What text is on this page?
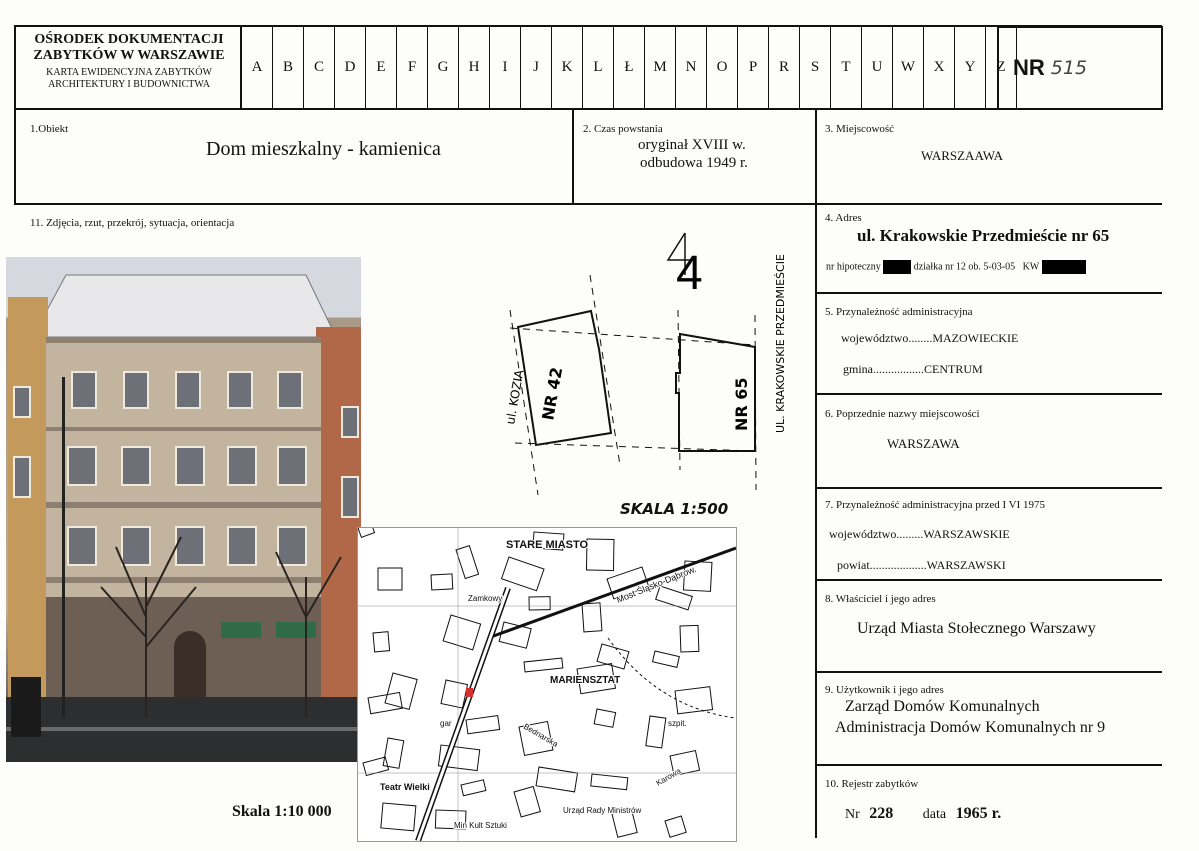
OŚRODEK DOKUMENTACJI
ZABYTKÓW W WARSZAWIE
KARTA EWIDENCYJNA ZABYTKÓW
ARCHITEKTURY I BUDOWNICTWA
A	B	C	D	E	F	G	H	I	J	K	L	Ł	M	N	O	P	R	S	T	U	W	X	Y	Z NR 515
1.Obiekt
Dom mieszkalny - kamienica
2. Czas powstania
oryginał XVIII w.
odbudowa 1949 r.
3. Miejscowość
WARSZAAWA
11. Zdjęcia, rzut, przekrój, sytuacja, orientacja
4
ul. KOZIA	UL. KRAKOWSKIE PRZEDMIEŚCIE
NR 42	NR 65
SKALA 1:500
STARE MIASTO
MARIENSZTAT
Most Śląsko-Dąbrow.
Teatr Wielki
Zamkowy
Urząd Rady Ministrów
Min Kult Sztuki
Karowa
Bednarska	szpit.
gar
Skala 1:10 000
4. Adres
ul. Krakowskie Przedmieście nr 65
nr hipoteczny	działka nr 12 ob. 5-03-05 KW
5. Przynależność administracyjna
województwo........MAZOWIECKIE
gmina.................CENTRUM
6. Poprzednie nazwy miejscowości
WARSZAWA
7. Przynależność administracyjna przed I VI 1975
województwo.........WARSZAWSKIE
powiat...................WARSZAWSKI
8. Właściciel i jego adres
Urząd Miasta Stołecznego Warszawy
9. Użytkownik i jego adres
Zarząd Domów Komunalnych
Administracja Domów Komunalnych nr 9
10. Rejestr zabytków
Nr 228 data 1965 r.
